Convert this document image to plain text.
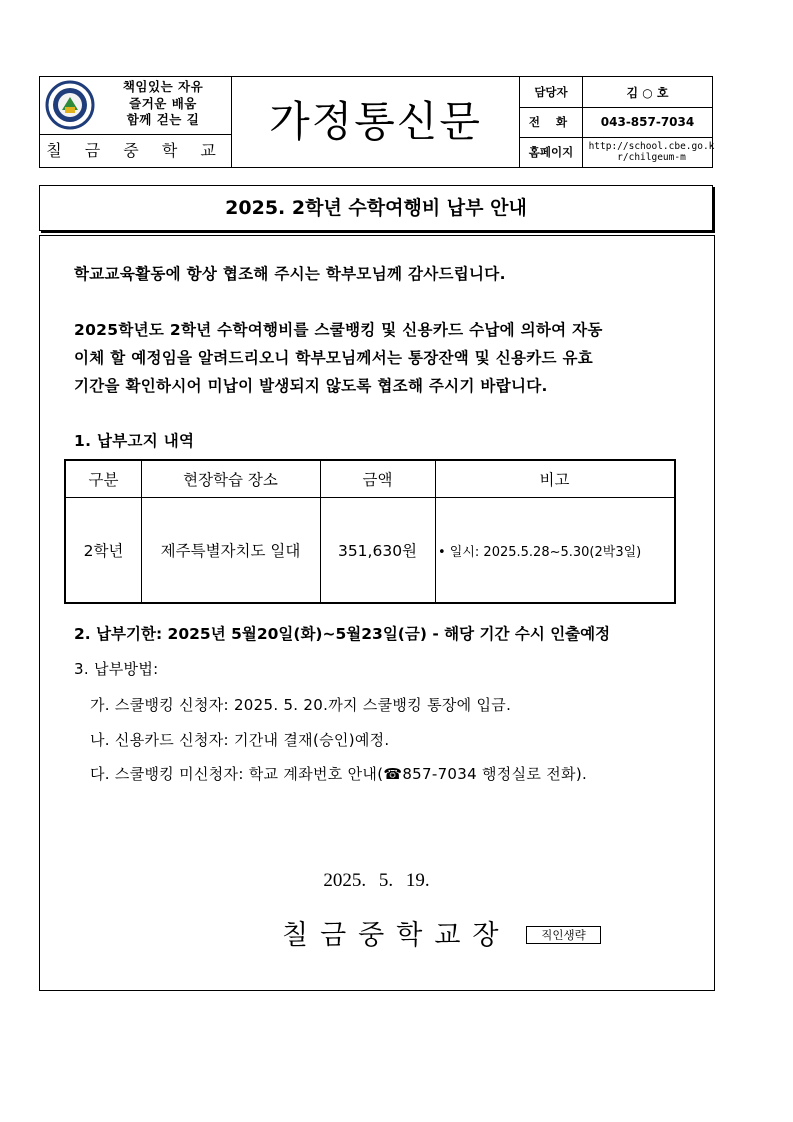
책임있는 자유
즐거운 배움
함께 걷는 길
칠 금 중 학 교
가정통신문
담당자	김 ○ 호
전 화	043-857-7034
홈페이지	http://school.cbe.go.kr/chilgeum-m
2025. 2학년 수학여행비 납부 안내
학교교육활동에 항상 협조해 주시는 학부모님께 감사드립니다.
2025학년도 2학년 수학여행비를 스쿨뱅킹 및 신용카드 수납에 의하여 자동
이체 할 예정임을 알려드리오니 학부모님께서는 통장잔액 및 신용카드 유효
기간을 확인하시어 미납이 발생되지 않도록 협조해 주시기 바랍니다.
1. 납부고지 내역
구분	현장학습 장소	금액	비고
2학년	제주특별자치도 일대	351,630원	• 일시: 2025.5.28~5.30(2박3일)
2. 납부기한: 2025년 5월20일(화)~5월23일(금) - 해당 기간 수시 인출예정
3. 납부방법:
가. 스쿨뱅킹 신청자: 2025. 5. 20.까지 스쿨뱅킹 통장에 입금.
나. 신용카드 신청자: 기간내 결재(승인)예정.
다. 스쿨뱅킹 미신청자: 학교 계좌번호 안내(☎857-7034 행정실로 전화).
2025. 5. 19.
칠금중학교장	직인생략
